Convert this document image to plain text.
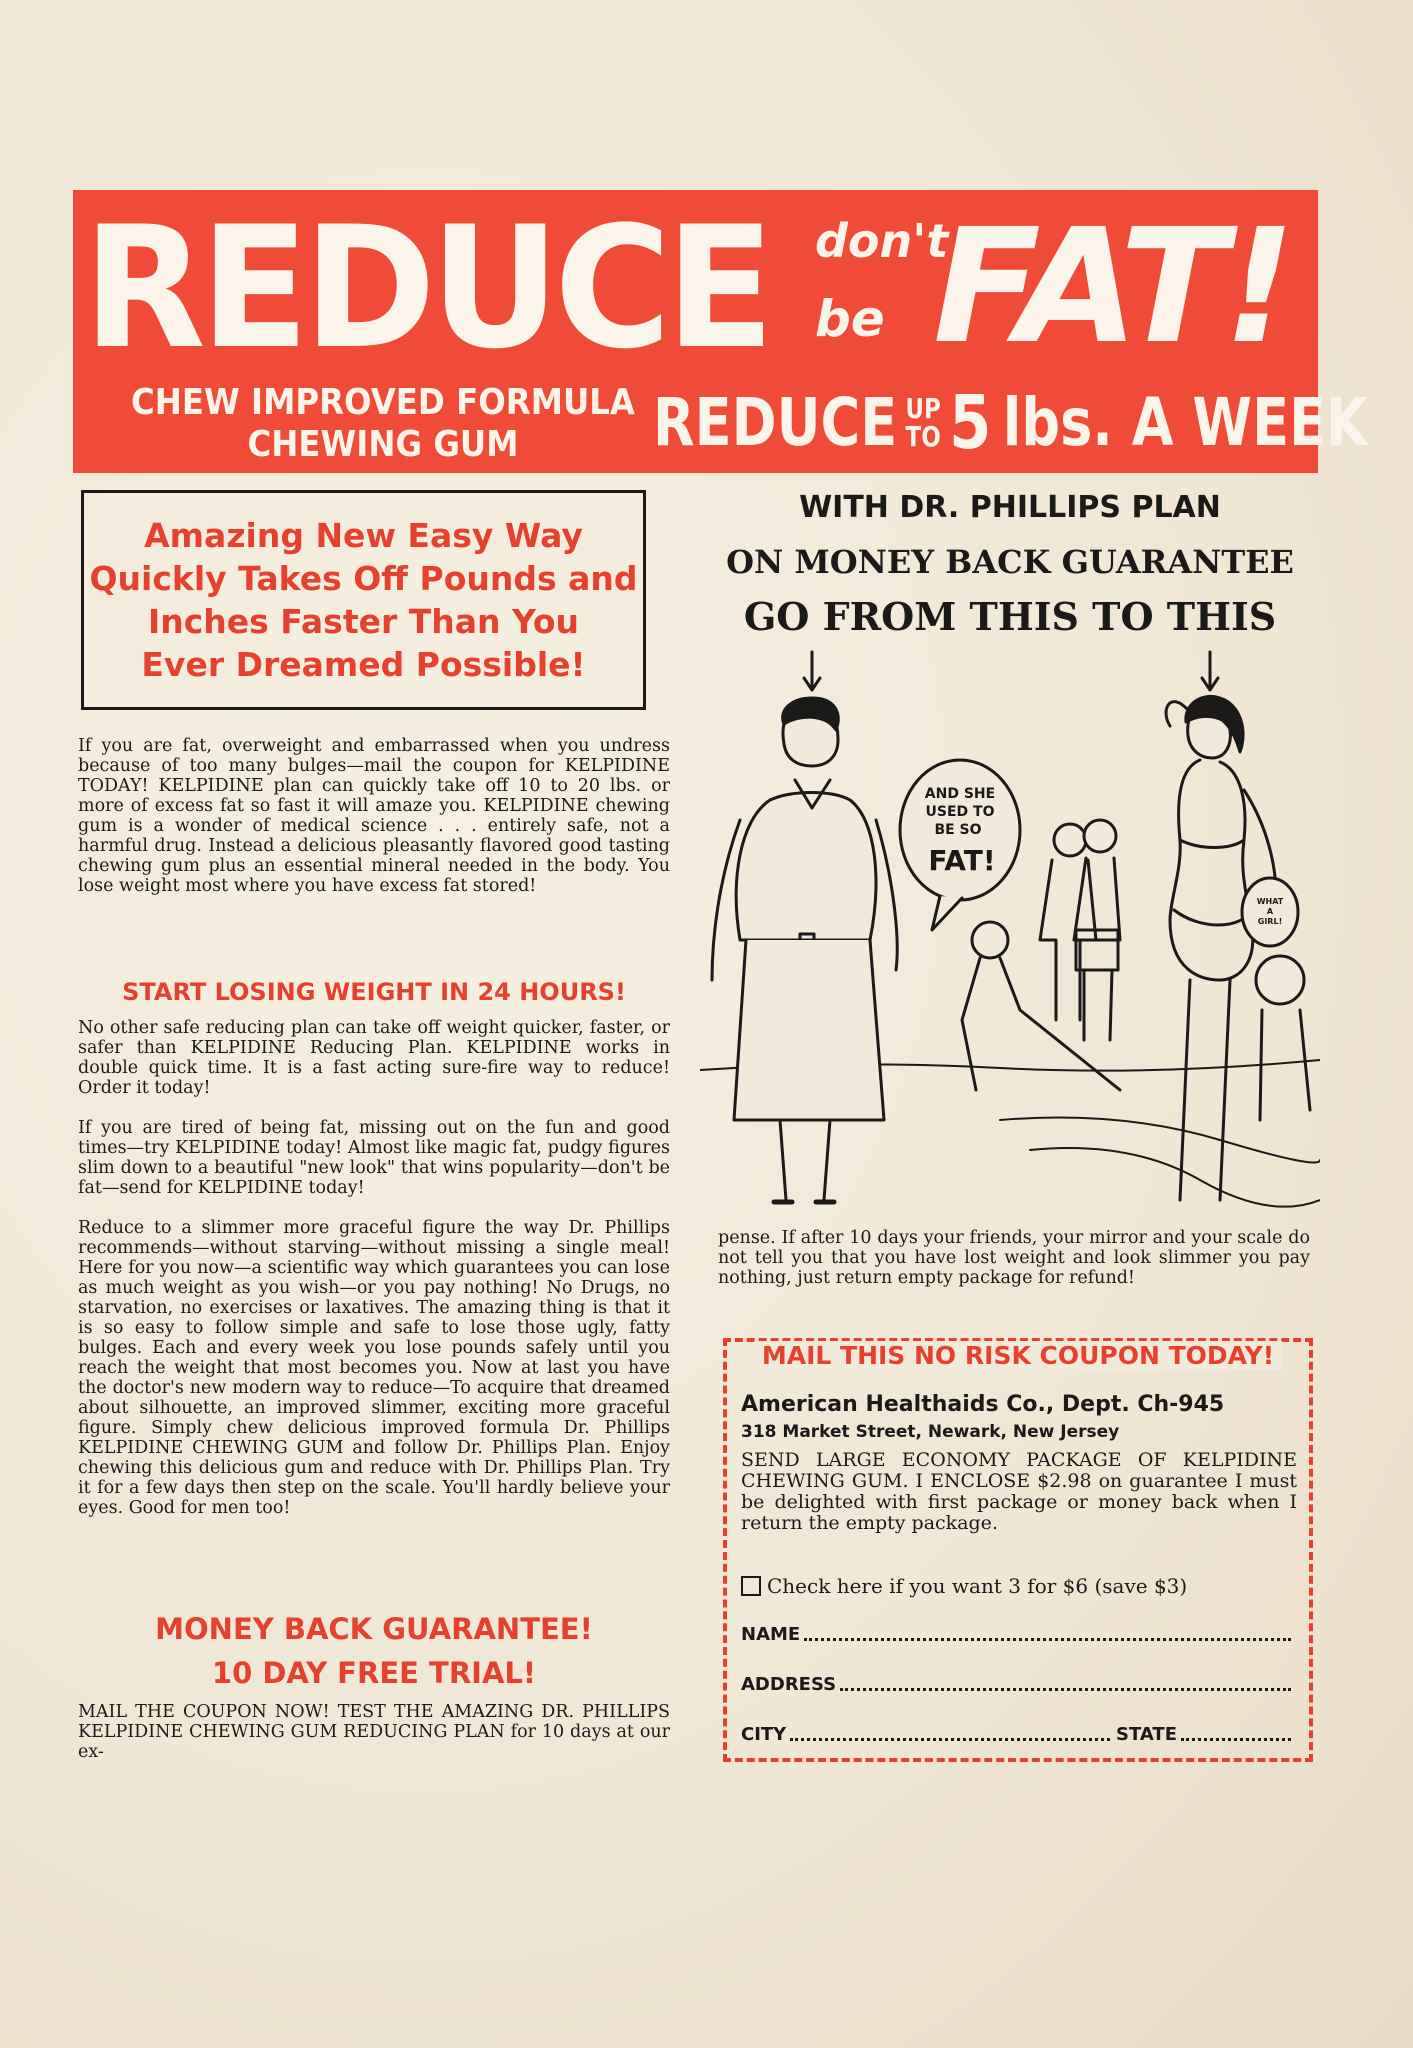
REDUCE don't
be FAT!
CHEW IMPROVED FORMULA
CHEWING GUM	REDUCE UP
TO 5 lbs. A WEEK
Amazing New Easy Way
Quickly Takes Off Pounds and
Inches Faster Than You
Ever Dreamed Possible!

If you are fat, overweight and embarrassed when you undress because of too many bulges—mail the coupon for KELPIDINE TODAY! KELPIDINE plan can quickly take off 10 to 20 lbs. or more of excess fat so fast it will amaze you. KELPIDINE chewing gum is a wonder of medical science . . . entirely safe, not a harmful drug. Instead a delicious pleasantly flavored good tasting chewing gum plus an essential mineral needed in the body. You lose weight most where you have excess fat stored!

START LOSING WEIGHT IN 24 HOURS!

No other safe reducing plan can take off weight quicker, faster, or safer than KELPIDINE Reducing Plan. KELPIDINE works in double quick time. It is a fast acting sure-fire way to reduce! Order it today!

If you are tired of being fat, missing out on the fun and good times—try KELPIDINE today! Almost like magic fat, pudgy figures slim down to a beautiful "new look" that wins popularity—don't be fat—send for KELPIDINE today!

Reduce to a slimmer more graceful figure the way Dr. Phillips recommends—without starving—without missing a single meal! Here for you now—a scientific way which guarantees you can lose as much weight as you wish—or you pay nothing! No Drugs, no starvation, no exercises or laxatives. The amazing thing is that it is so easy to follow simple and safe to lose those ugly, fatty bulges. Each and every week you lose pounds safely until you reach the weight that most becomes you. Now at last you have the doctor's new modern way to reduce—To acquire that dreamed about silhouette, an improved slimmer, exciting more graceful figure. Simply chew delicious improved formula Dr. Phillips KELPIDINE CHEWING GUM and follow Dr. Phillips Plan. Enjoy chewing this delicious gum and reduce with Dr. Phillips Plan. Try it for a few days then step on the scale. You'll hardly believe your eyes. Good for men too!

MONEY BACK GUARANTEE!
10 DAY FREE TRIAL!

MAIL THE COUPON NOW! TEST THE AMAZING DR. PHILLIPS KELPIDINE CHEWING GUM REDUCING PLAN for 10 days at our ex-

WITH DR. PHILLIPS PLAN
ON MONEY BACK GUARANTEE
GO FROM THIS TO THIS
AND SHE
USED TO
BE SO
FAT!
WHAT
A
GIRL!

pense. If after 10 days your friends, your mirror and your scale do not tell you that you have lost weight and look slimmer you pay nothing, just return empty package for refund!

MAIL THIS NO RISK COUPON TODAY!
American Healthaids Co., Dept. Ch-945
318 Market Street, Newark, New Jersey

SEND LARGE ECONOMY PACKAGE OF KELPIDINE CHEWING GUM. I ENCLOSE $2.98 on guarantee I must be delighted with first package or money back when I return the empty package.

Check here if you want 3 for $6 (save $3)
NAME
ADDRESS
CITY	STATE
